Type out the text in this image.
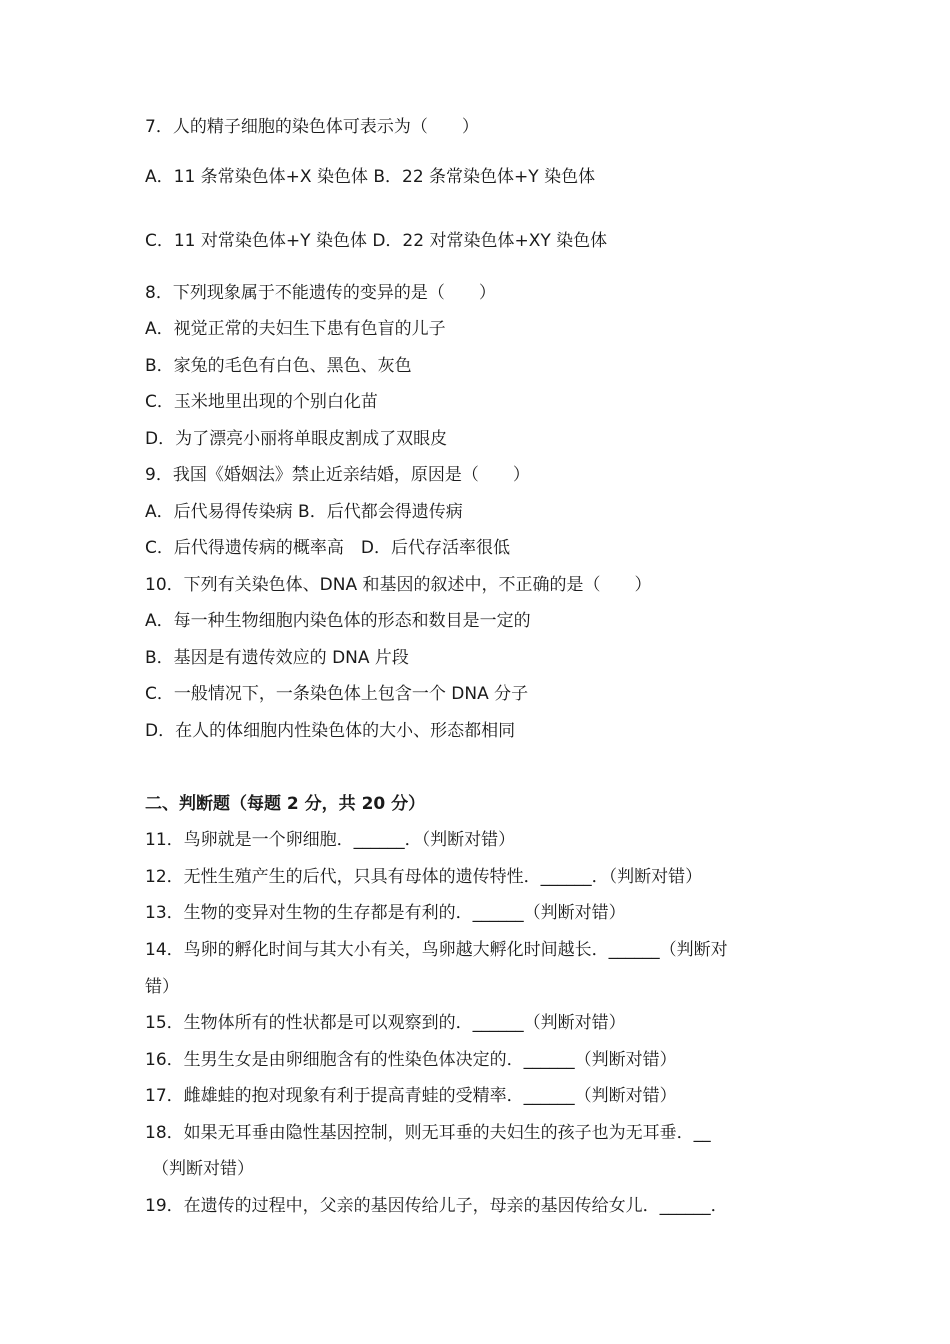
7．人的精子细胞的染色体可表示为（　　）

A．11 条常染色体+X 染色体 B．22 条常染色体+Y 染色体

C．11 对常染色体+Y 染色体 D．22 对常染色体+XY 染色体

8．下列现象属于不能遗传的变异的是（　　）

A．视觉正常的夫妇生下患有色盲的儿子

B．家兔的毛色有白色、黑色、灰色

C．玉米地里出现的个别白化苗

D．为了漂亮小丽将单眼皮割成了双眼皮

9．我国《婚姻法》禁止近亲结婚，原因是（　　）

A．后代易得传染病 B．后代都会得遗传病

C．后代得遗传病的概率高　D．后代存活率很低

10．下列有关染色体、DNA 和基因的叙述中，不正确的是（　　）

A．每一种生物细胞内染色体的形态和数目是一定的

B．基因是有遗传效应的 DNA 片段

C．一般情况下，一条染色体上包含一个 DNA 分子

D．在人的体细胞内性染色体的大小、形态都相同

二、判断题（每题 2 分，共 20 分）

11．鸟卵就是一个卵细胞．______．（判断对错）

12．无性生殖产生的后代，只具有母体的遗传特性．______．（判断对错）

13．生物的变异对生物的生存都是有利的．______（判断对错）

14．鸟卵的孵化时间与其大小有关，鸟卵越大孵化时间越长．______（判断对

错）

15．生物体所有的性状都是可以观察到的．______（判断对错）

16．生男生女是由卵细胞含有的性染色体决定的．______（判断对错）

17．雌雄蛙的抱对现象有利于提高青蛙的受精率．______（判断对错）

18．如果无耳垂由隐性基因控制，则无耳垂的夫妇生的孩子也为无耳垂．__

（判断对错）

19．在遗传的过程中，父亲的基因传给儿子，母亲的基因传给女儿．______．
